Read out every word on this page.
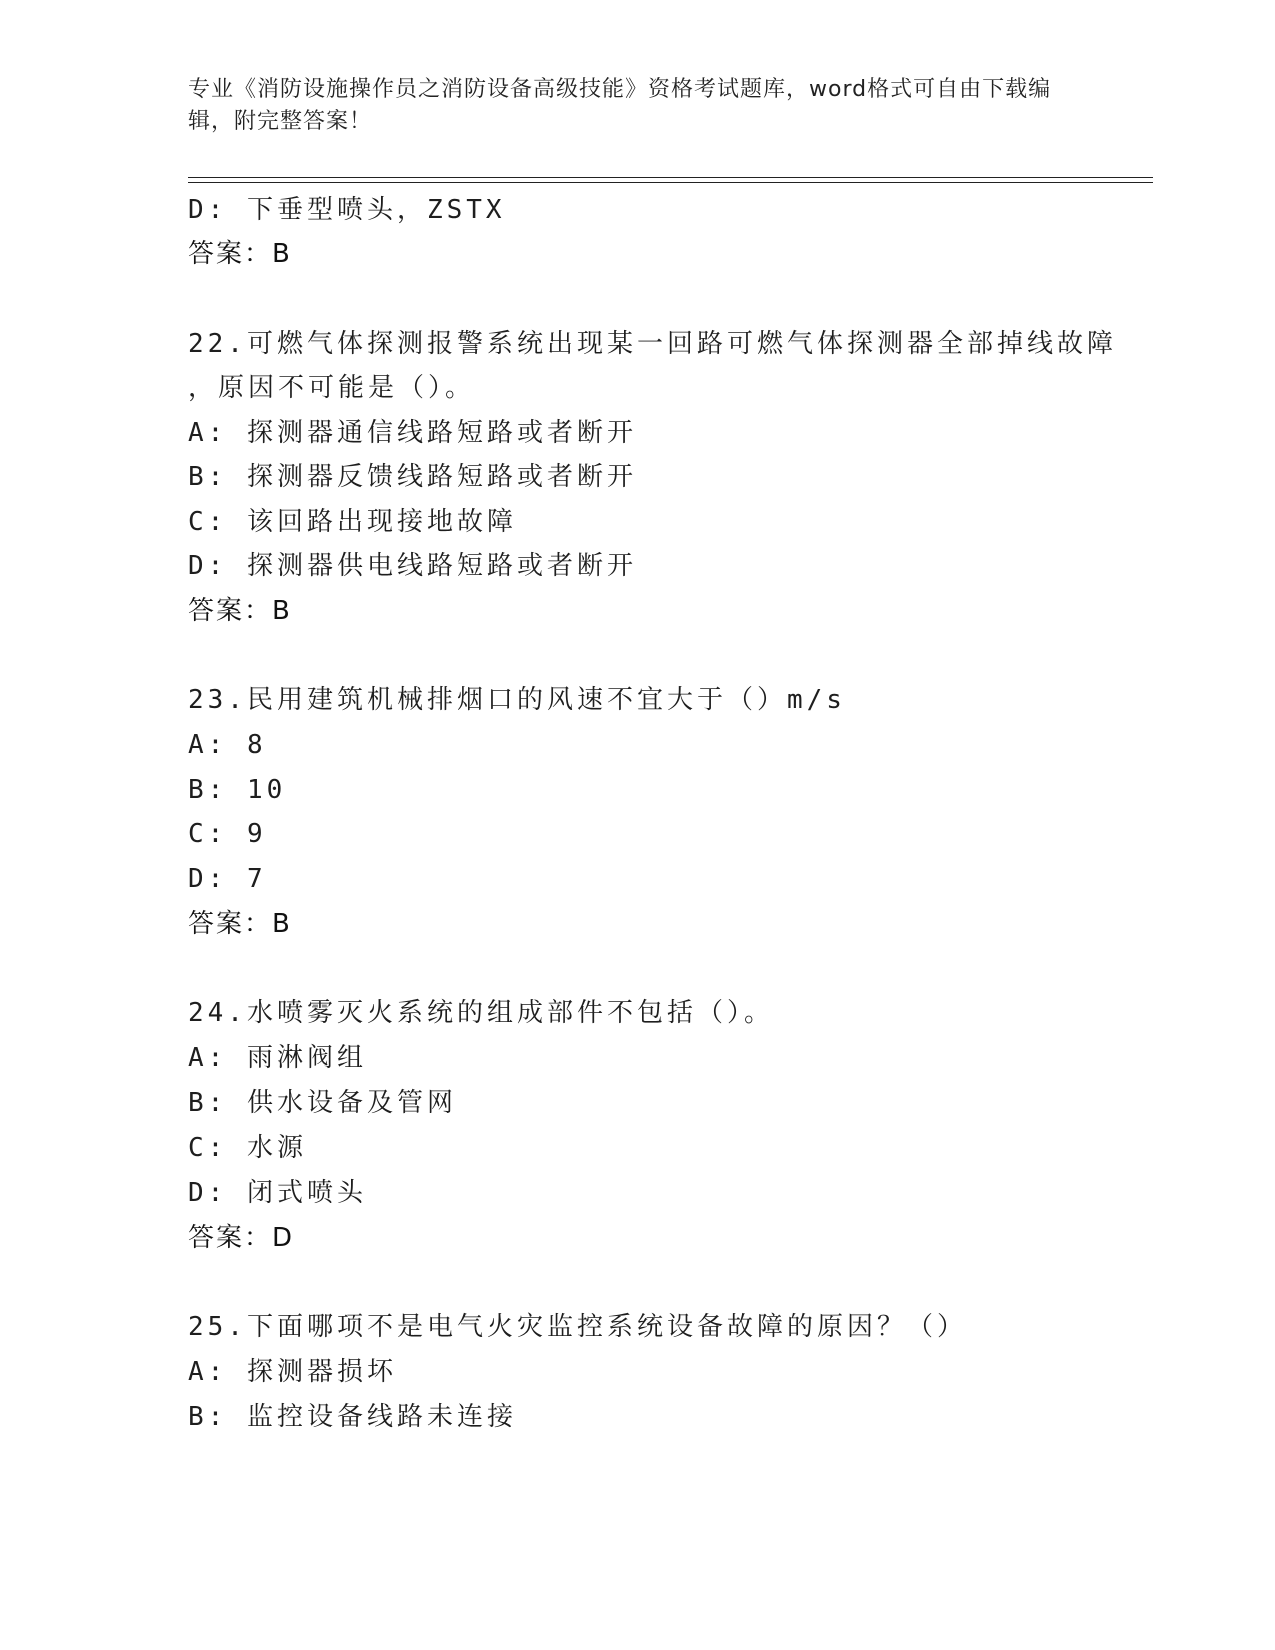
专业《消防设施操作员之消防设备高级技能》资格考试题库，word格式可自由下载编辑，附完整答案！
D: 下垂型喷头，ZSTX
答案：B
22.可燃气体探测报警系统出现某一回路可燃气体探测器全部掉线故障
，原因不可能是（）。
A: 探测器通信线路短路或者断开
B: 探测器反馈线路短路或者断开
C: 该回路出现接地故障
D: 探测器供电线路短路或者断开
答案：B
23.民用建筑机械排烟口的风速不宜大于（）m/s
A: 8
B: 10
C: 9
D: 7
答案：B
24.水喷雾灭火系统的组成部件不包括（）。
A: 雨淋阀组
B: 供水设备及管网
C: 水源
D: 闭式喷头
答案：D
25.下面哪项不是电气火灾监控系统设备故障的原因？（）
A: 探测器损坏
B: 监控设备线路未连接
